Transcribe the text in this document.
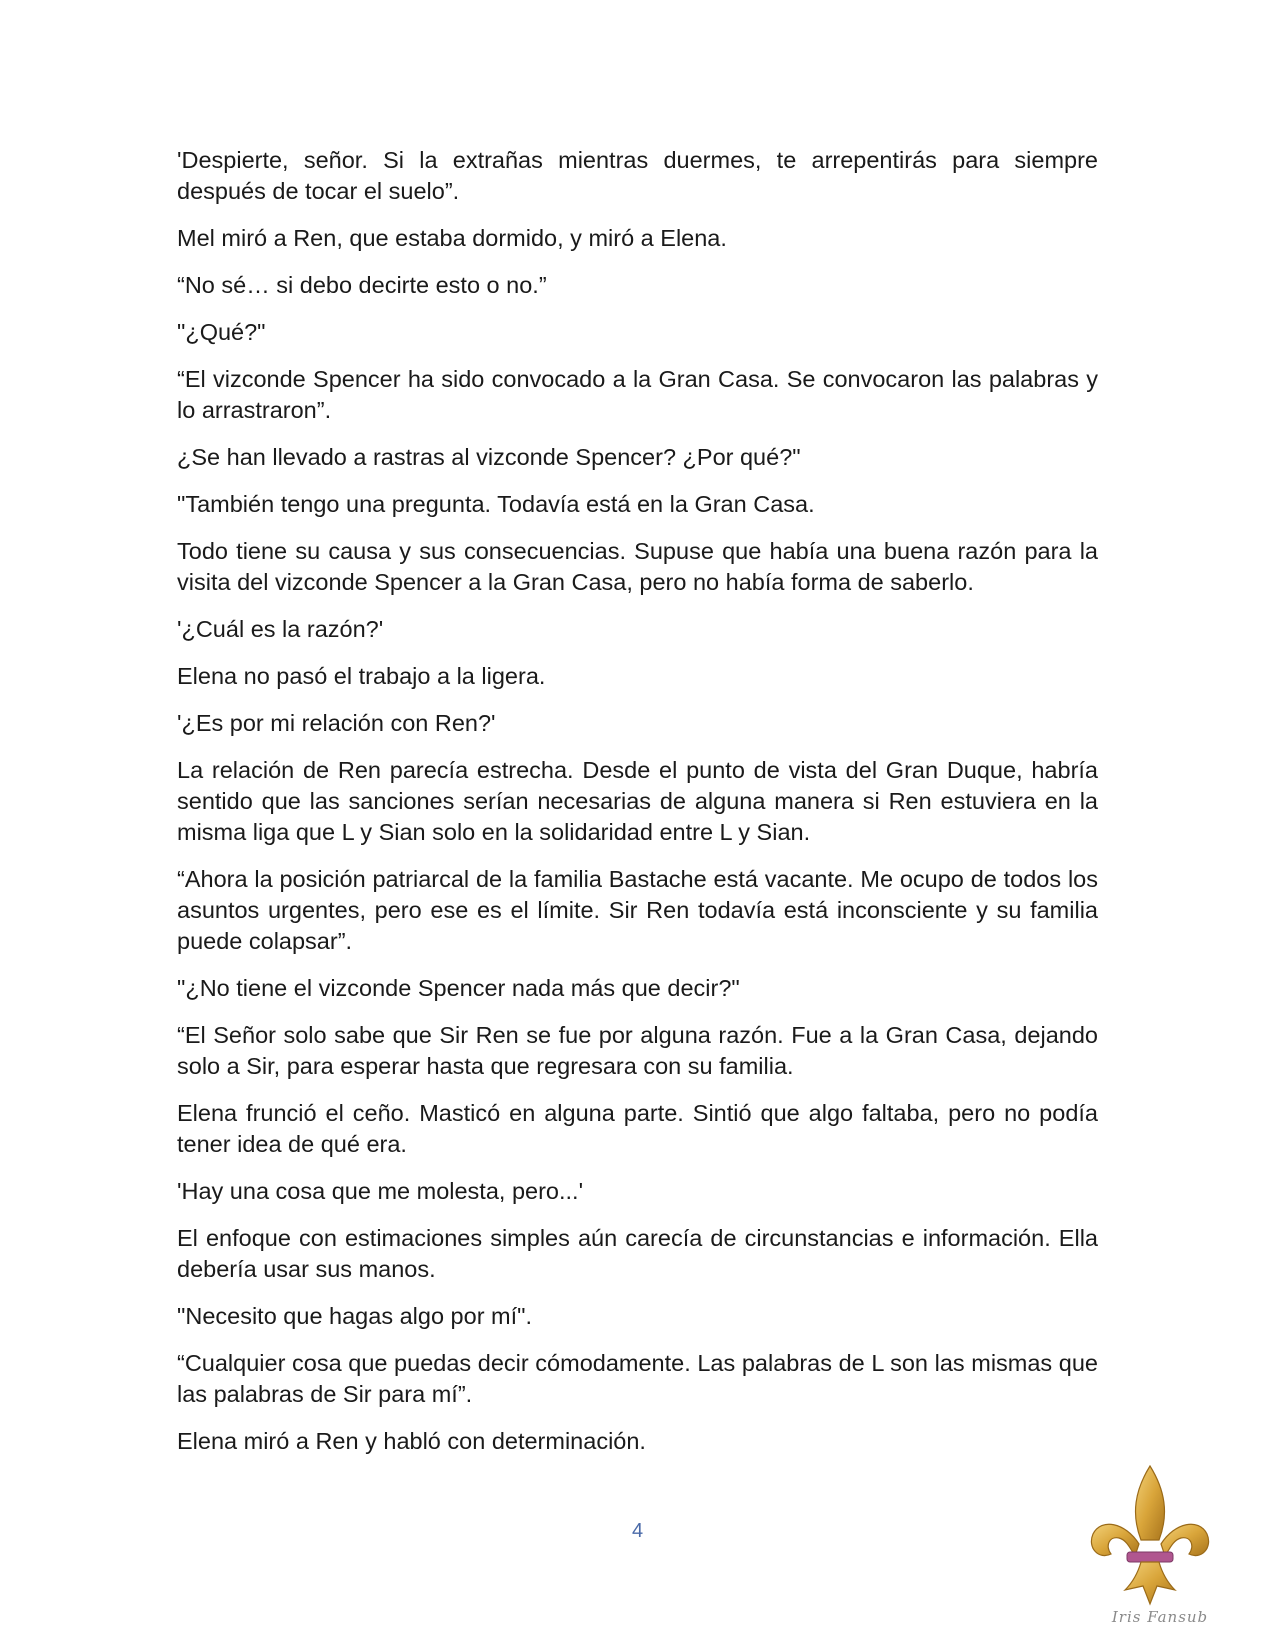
'Despierte, señor. Si la extrañas mientras duermes, te arrepentirás para siempre después de tocar el suelo”.

Mel miró a Ren, que estaba dormido, y miró a Elena.

“No sé… si debo decirte esto o no.”

"¿Qué?"

“El vizconde Spencer ha sido convocado a la Gran Casa. Se convocaron las palabras y lo arrastraron”.

¿Se han llevado a rastras al vizconde Spencer? ¿Por qué?"

"También tengo una pregunta. Todavía está en la Gran Casa.

Todo tiene su causa y sus consecuencias. Supuse que había una buena razón para la visita del vizconde Spencer a la Gran Casa, pero no había forma de saberlo.

'¿Cuál es la razón?'

Elena no pasó el trabajo a la ligera.

'¿Es por mi relación con Ren?'

La relación de Ren parecía estrecha. Desde el punto de vista del Gran Duque, habría sentido que las sanciones serían necesarias de alguna manera si Ren estuviera en la misma liga que L y Sian solo en la solidaridad entre L y Sian.

“Ahora la posición patriarcal de la familia Bastache está vacante. Me ocupo de todos los asuntos urgentes, pero ese es el límite. Sir Ren todavía está inconsciente y su familia puede colapsar”.

"¿No tiene el vizconde Spencer nada más que decir?"

“El Señor solo sabe que Sir Ren se fue por alguna razón. Fue a la Gran Casa, dejando solo a Sir, para esperar hasta que regresara con su familia.

Elena frunció el ceño. Masticó en alguna parte. Sintió que algo faltaba, pero no podía tener idea de qué era.

'Hay una cosa que me molesta, pero...'

El enfoque con estimaciones simples aún carecía de circunstancias e información. Ella debería usar sus manos.

"Necesito que hagas algo por mí".

“Cualquier cosa que puedas decir cómodamente. Las palabras de L son las mismas que las palabras de Sir para mí”.

Elena miró a Ren y habló con determinación.

4
Iris Fansub
